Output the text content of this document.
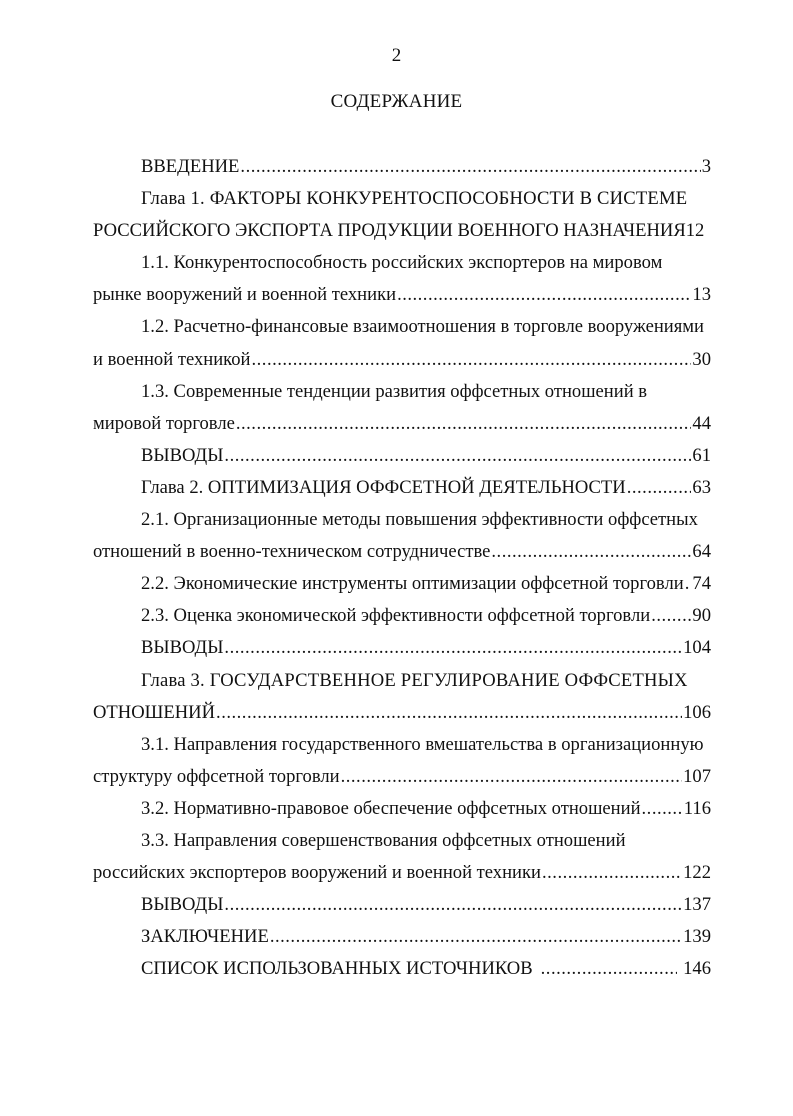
2
СОДЕРЖАНИЕ
ВВЕДЕНИЕ .....	3
Глава 1. ФАКТОРЫ КОНКУРЕНТОСПОСОБНОСТИ В СИСТЕМЕ
РОССИЙСКОГО ЭКСПОРТА ПРОДУКЦИИ ВОЕННОГО НАЗНАЧЕНИЯ 12
1.1. Конкурентоспособность российских экспортеров на мировом
рынке вооружений и военной техники .....	13
1.2. Расчетно-финансовые взаимоотношения в торговле вооружениями
и военной техникой .....	30
1.3. Современные тенденции развития оффсетных отношений в
мировой торговле .....	44
ВЫВОДЫ .....	61
Глава 2. ОПТИМИЗАЦИЯ ОФФСЕТНОЙ ДЕЯТЕЛЬНОСТИ .....	63
2.1. Организационные методы повышения эффективности оффсетных
отношений в военно-техническом сотрудничестве .....	64
2.2. Экономические инструменты оптимизации оффсетной торговли ..... 74
2.3. Оценка экономической эффективности оффсетной торговли ..... 90
ВЫВОДЫ .....	104
Глава 3. ГОСУДАРСТВЕННОЕ РЕГУЛИРОВАНИЕ ОФФСЕТНЫХ
ОТНОШЕНИЙ .....	106
3.1. Направления государственного вмешательства в организационную
структуру оффсетной торговли .....	107
3.2. Нормативно-правовое обеспечение оффсетных отношений ..... 116
3.3. Направления совершенствования оффсетных отношений
российских экспортеров вооружений и военной техники .....	122
ВЫВОДЫ .....	137
ЗАКЛЮЧЕНИЕ .....	139
СПИСОК ИСПОЛЬЗОВАННЫХ ИСТОЧНИКОВ .....	146
